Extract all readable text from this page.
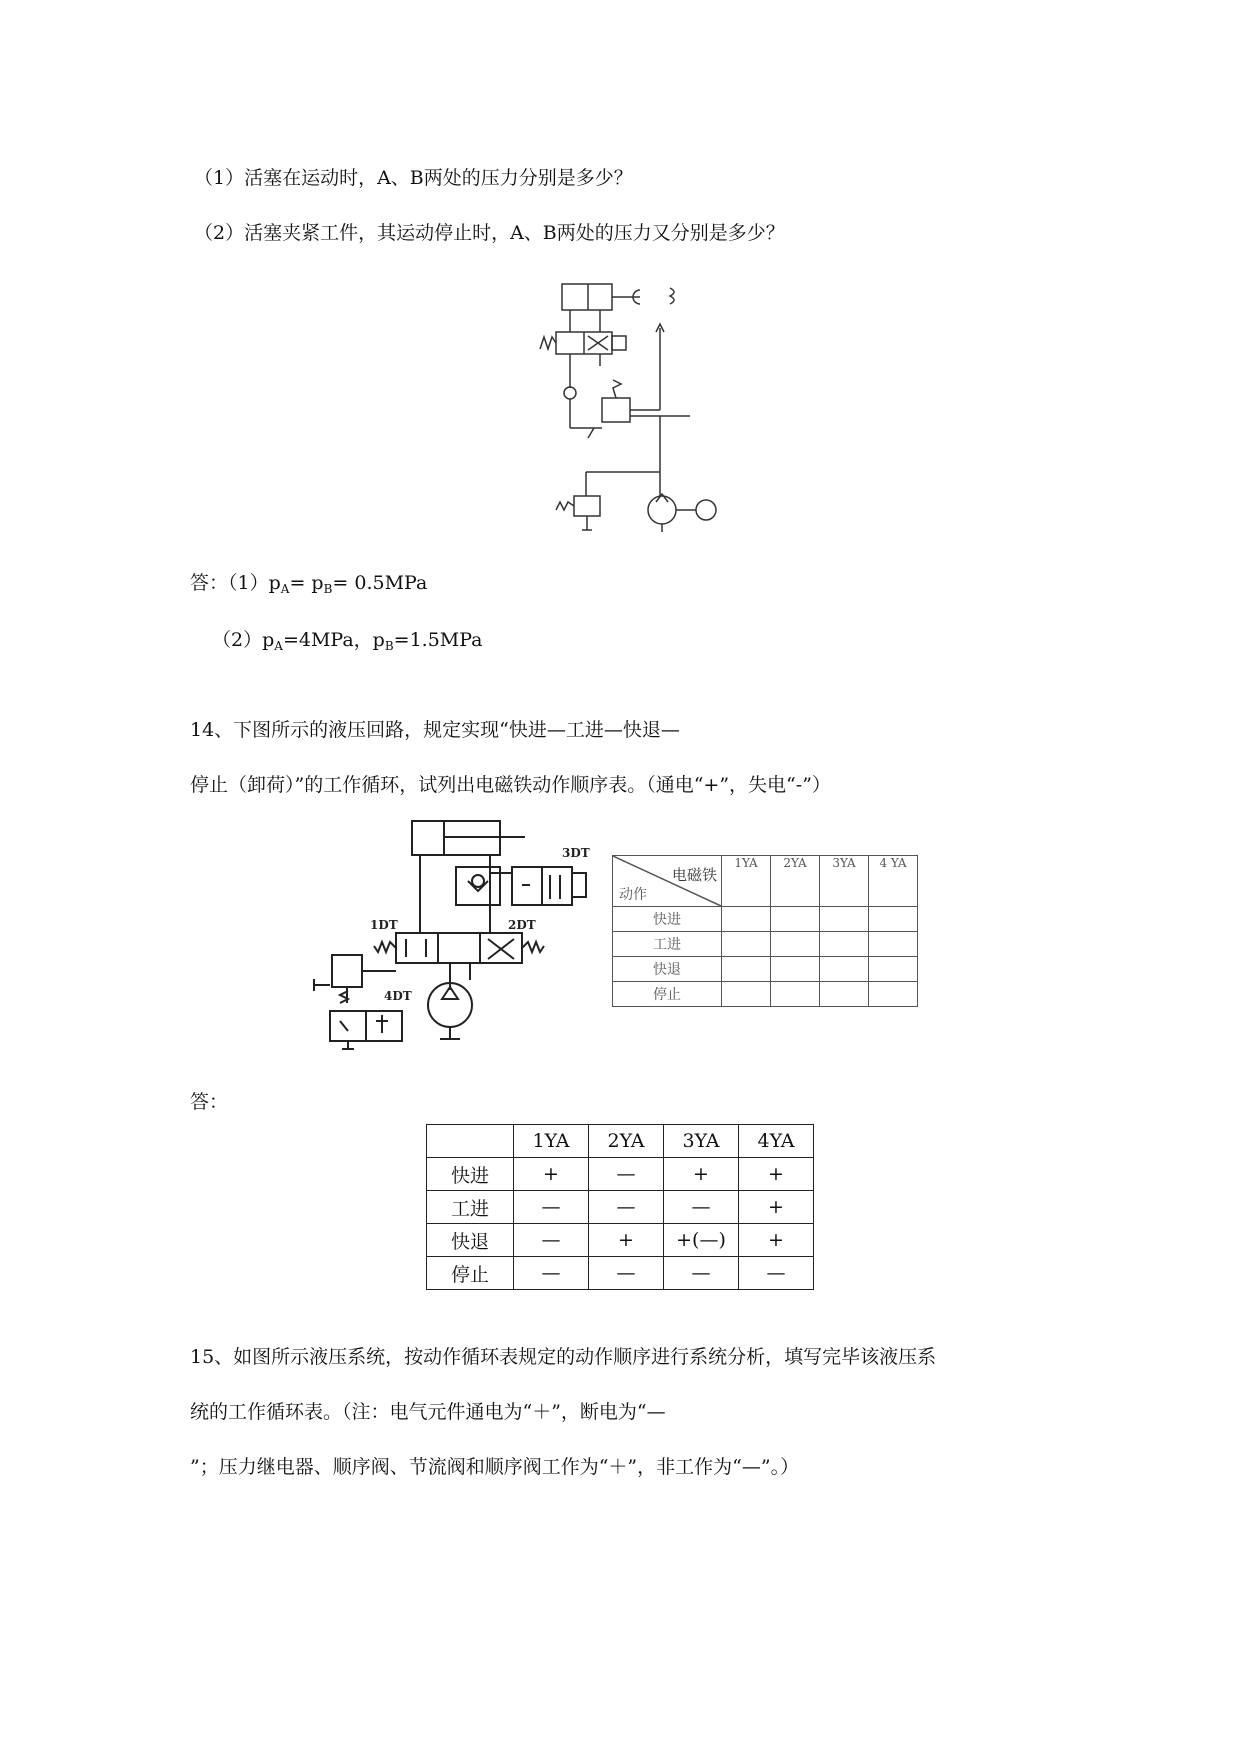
（1）活塞在运动时，A、B两处的压力分别是多少？
（2）活塞夹紧工件，其运动停止时，A、B两处的压力又分别是多少？
答：$(1)p_A= p_B= 0.5MPa$
$(2)p_A=4MPa$，$p_B=1.5MPa$
14、下图所示的液压回路，规定实现“快进—工进—快退—
停止（卸荷）”的工作循环，试列出电磁铁动作顺序表。（通电“+”，失电“-”）
3DT
1DT	2DT
4DT
电磁铁
动作	1YA	2YA	3YA	4 YA
快进				
工进				
快退				
停止				
答：
	1YA	2YA	3YA	4YA
快进	+	—	+	+
工进	—	—	—	+
快退	—	+	+(—)	+
停止	—	—	—	—
15、如图所示液压系统，按动作循环表规定的动作顺序进行系统分析，填写完毕该液压系
统的工作循环表。（注：电气元件通电为“＋”，断电为“—
”；压力继电器、顺序阀、节流阀和顺序阀工作为“＋”，非工作为“—”。）
